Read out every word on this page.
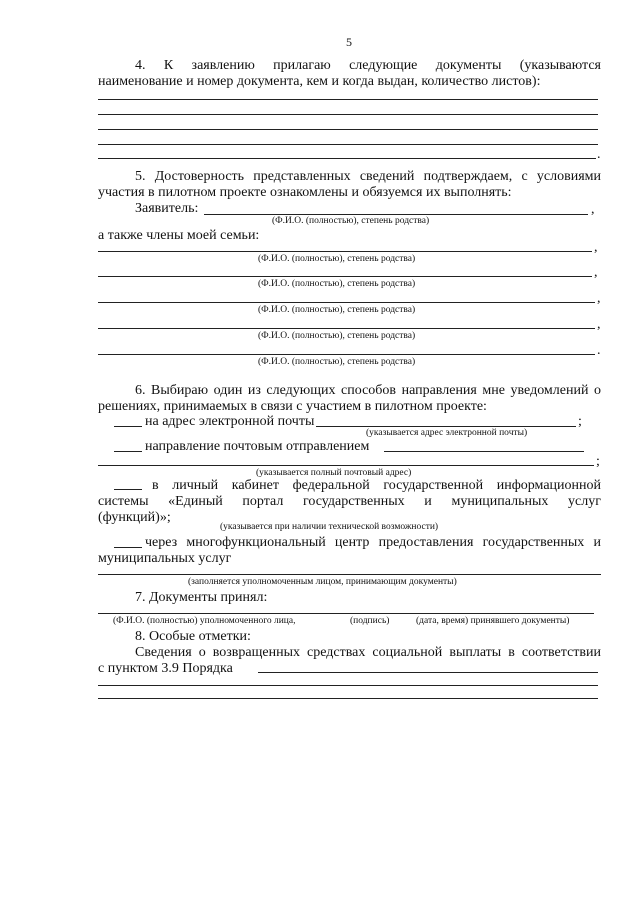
5
4. К заявлению прилагаю следующие документы (указываются
наименование и номер документа, кем и когда выдан, количество листов):
.
5. Достоверность представленных сведений подтверждаем, с условиями
участия в пилотном проекте ознакомлены и обязуемся их выполнять:
Заявитель:	,
(Ф.И.О. (полностью), степень родства)
а также члены моей семьи:
,
(Ф.И.О. (полностью), степень родства)
,
(Ф.И.О. (полностью), степень родства)
,
(Ф.И.О. (полностью), степень родства)
,
(Ф.И.О. (полностью), степень родства)
.
(Ф.И.О. (полностью), степень родства)
6. Выбираю один из следующих способов направления мне уведомлений о
решениях, принимаемых в связи с участием в пилотном проекте:
на адрес электронной почты	;
(указывается адрес электронной почты)
направление почтовым отправлением
;
(указывается полный почтовый адрес)
в личный кабинет федеральной государственной информационной
системы «Единый портал государственных и муниципальных услуг
(функций)»;
(указывается при наличии технической возможности)
через многофункциональный центр предоставления государственных и
муниципальных услуг
(заполняется уполномоченным лицом, принимающим документы)
7. Документы принял:
(Ф.И.О. (полностью) уполномоченного лица,	(подпись)	(дата, время) принявшего документы)
8. Особые отметки:
Сведения о возвращенных средствах социальной выплаты в соответствии
с пунктом 3.9 Порядка
